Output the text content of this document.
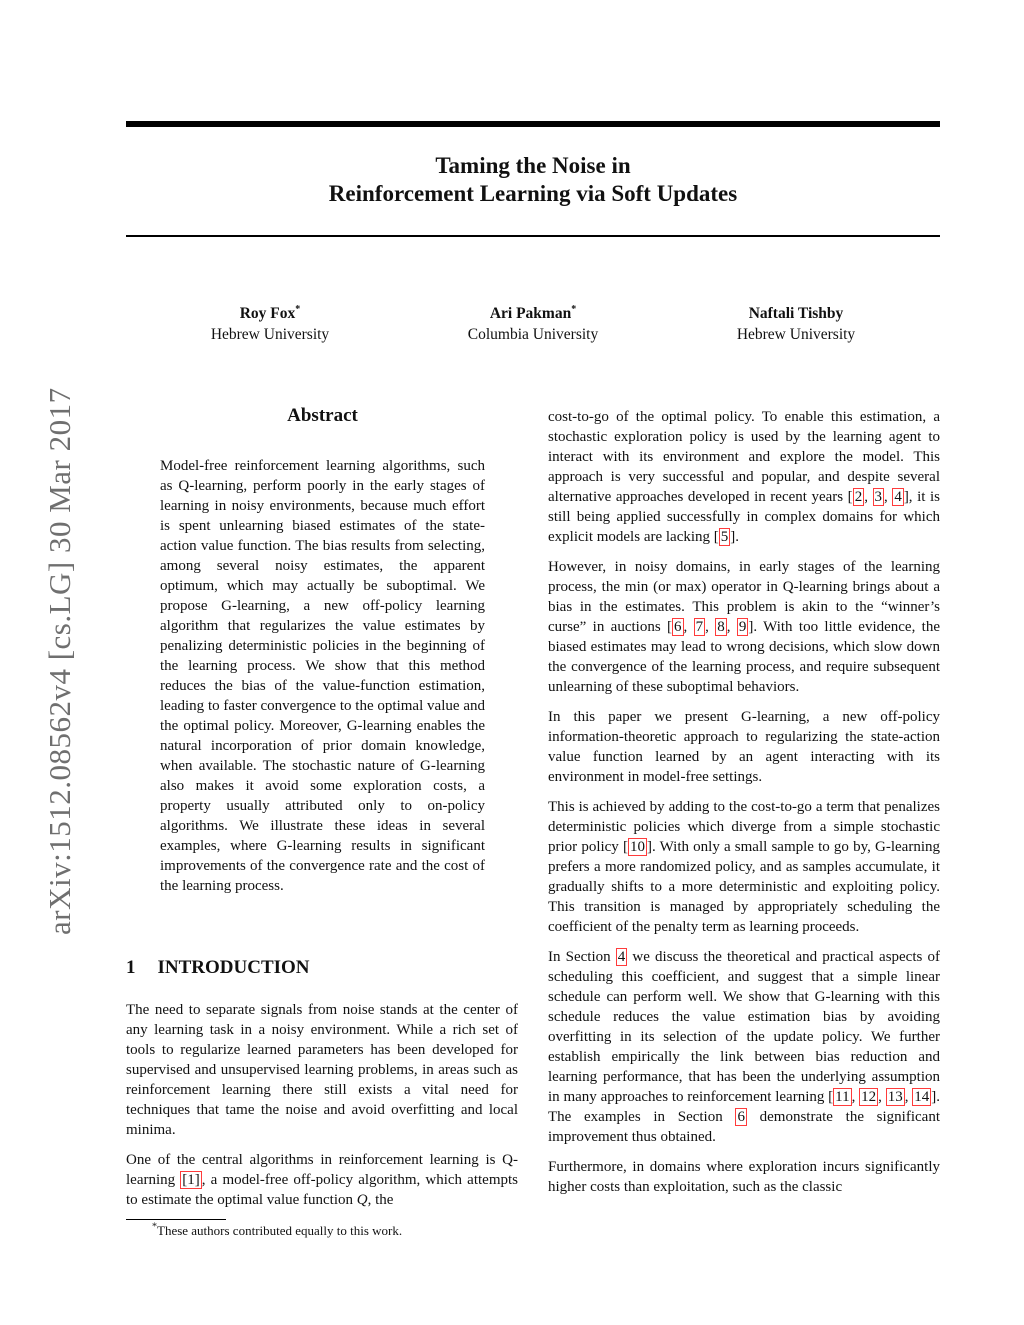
Taming the Noise in
Reinforcement Learning via Soft Updates
Roy Fox*
Hebrew University
Ari Pakman*
Columbia University
Naftali Tishby
Hebrew University
arXiv:1512.08562v4 [cs.LG] 30 Mar 2017	Abstract

Model-free reinforcement learning algorithms, such as Q-learning, perform poorly in the early stages of learning in noisy environments, because much effort is spent unlearning biased estimates of the state-action value function. The bias results from selecting, among several noisy estimates, the apparent optimum, which may actually be suboptimal. We propose G-learning, a new off-policy learning algorithm that regularizes the value estimates by penalizing deterministic policies in the beginning of the learning process. We show that this method reduces the bias of the value-function estimation, leading to faster convergence to the optimal value and the optimal policy. Moreover, G-learning enables the natural incorporation of prior domain knowledge, when available. The stochastic nature of G-learning also makes it avoid some exploration costs, a property usually attributed only to on-policy algorithms. We illustrate these ideas in several examples, where G-learning results in significant improvements of the convergence rate and the cost of the learning process.

1 INTRODUCTION

The need to separate signals from noise stands at the center of any learning task in a noisy environment. While a rich set of tools to regularize learned parameters has been developed for supervised and unsupervised learning problems, in areas such as reinforcement learning there still exists a vital need for techniques that tame the noise and avoid overfitting and local minima.

One of the central algorithms in reinforcement learning is Q-learning [1] , a model-free off-policy algorithm, which attempts to estimate the optimal value function Q, the

*These authors contributed equally to this work.

cost-to-go of the optimal policy. To enable this estimation, a stochastic exploration policy is used by the learning agent to interact with its environment and explore the model. This approach is very successful and popular, and despite several alternative approaches developed in recent years [ 2 , 3 , 4 ], it is still being applied successfully in complex domains for which explicit models are lacking [ 5 ].

However, in noisy domains, in early stages of the learning process, the min (or max) operator in Q-learning brings about a bias in the estimates. This problem is akin to the “winner’s curse” in auctions [ 6 , 7 , 8 , 9 ]. With too little evidence, the biased estimates may lead to wrong decisions, which slow down the convergence of the learning process, and require subsequent unlearning of these suboptimal behaviors.

In this paper we present G-learning, a new off-policy information-theoretic approach to regularizing the state-action value function learned by an agent interacting with its environment in model-free settings.

This is achieved by adding to the cost-to-go a term that penalizes deterministic policies which diverge from a simple stochastic prior policy [ 10 ]. With only a small sample to go by, G-learning prefers a more randomized policy, and as samples accumulate, it gradually shifts to a more deterministic and exploiting policy. This transition is managed by appropriately scheduling the coefficient of the penalty term as learning proceeds.

In Section 4 we discuss the theoretical and practical aspects of scheduling this coefficient, and suggest that a simple linear schedule can perform well. We show that G-learning with this schedule reduces the value estimation bias by avoiding overfitting in its selection of the update policy. We further establish empirically the link between bias reduction and learning performance, that has been the underlying assumption in many approaches to reinforcement learning [ 11 , 12 , 13 , 14 ]. The examples in Section 6 demonstrate the significant improvement thus obtained.

Furthermore, in domains where exploration incurs significantly higher costs than exploitation, such as the classic
